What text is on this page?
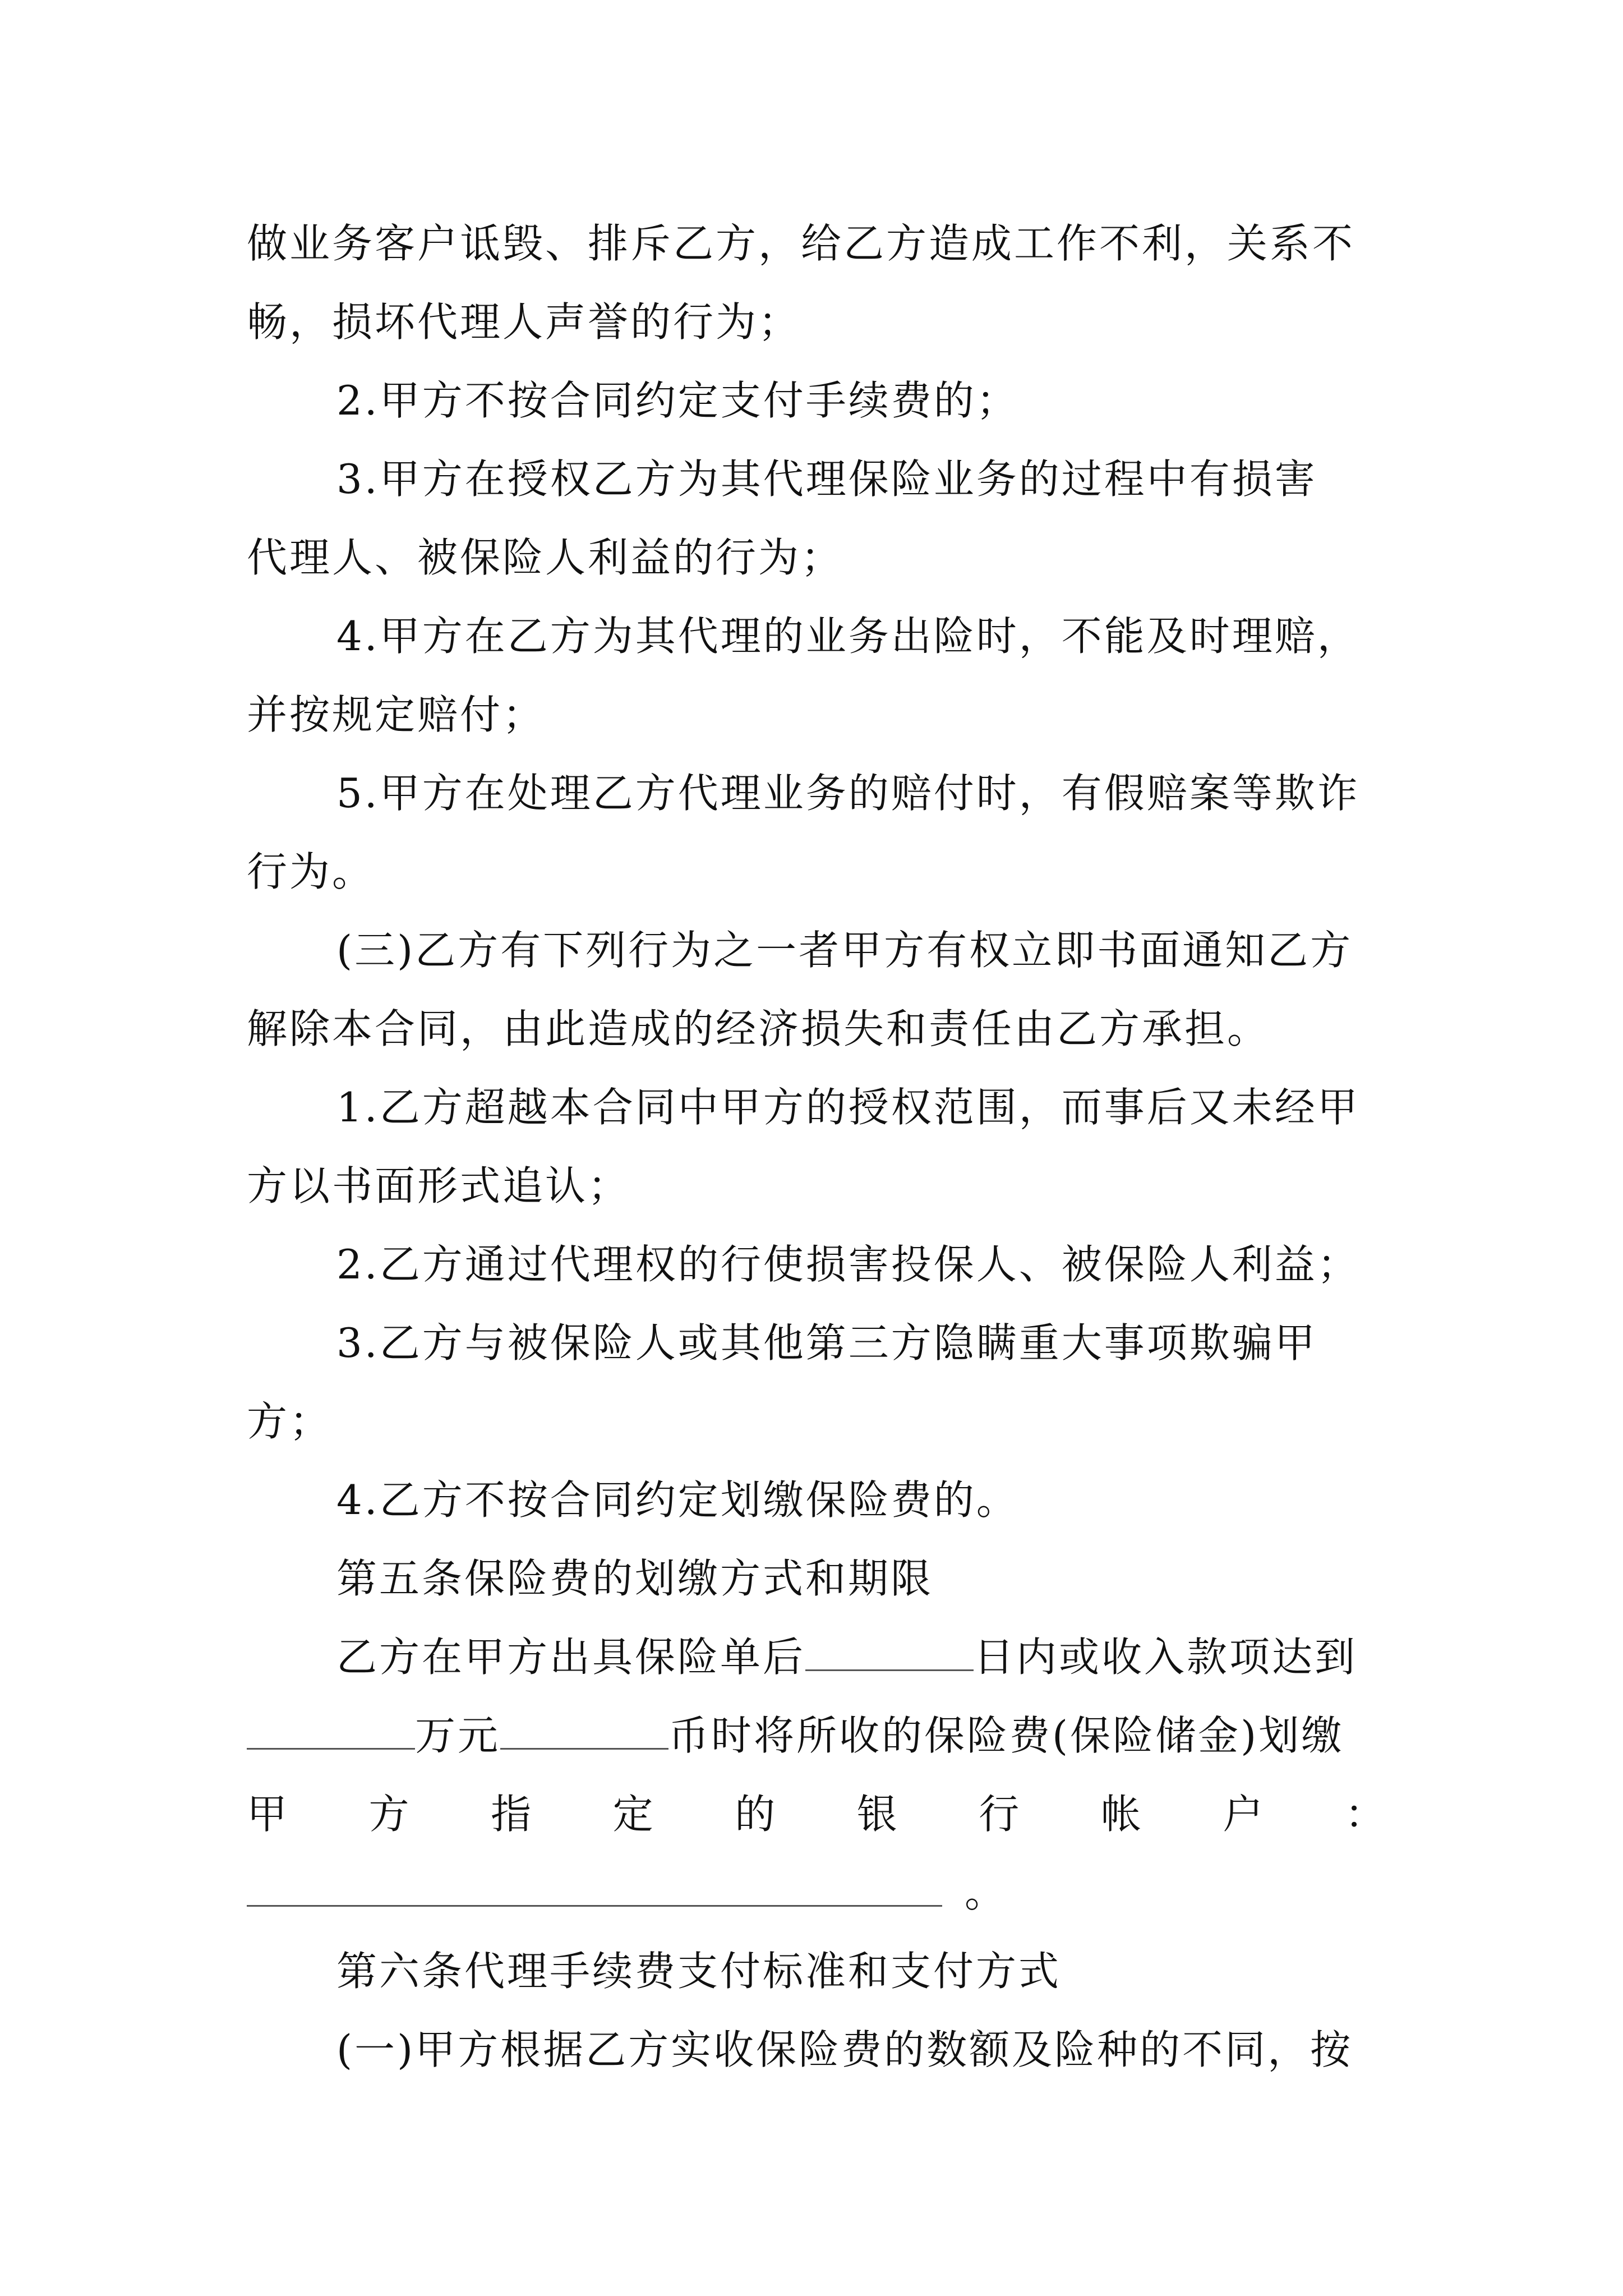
做业务客户诋毁、排斥乙方，给乙方造成工作不利，关系不
畅，损坏代理人声誉的行为；
2.甲方不按合同约定支付手续费的；
3.甲方在授权乙方为其代理保险业务的过程中有损害
代理人、被保险人利益的行为；
4.甲方在乙方为其代理的业务出险时，不能及时理赔，
并按规定赔付；
5.甲方在处理乙方代理业务的赔付时，有假赔案等欺诈
行为。
(三)乙方有下列行为之一者甲方有权立即书面通知乙方
解除本合同，由此造成的经济损失和责任由乙方承担。
1.乙方超越本合同中甲方的授权范围，而事后又未经甲
方以书面形式追认；
2.乙方通过代理权的行使损害投保人、被保险人利益；
3.乙方与被保险人或其他第三方隐瞒重大事项欺骗甲
方；
4.乙方不按合同约定划缴保险费的。
第五条保险费的划缴方式和期限
乙方在甲方出具保险单后	日内或收入款项达到
万元	币时将所收的保险费(保险储金)划缴
甲 方 指 定 的 银 行 帐 户 ：
。
第六条代理手续费支付标准和支付方式
(一)甲方根据乙方实收保险费的数额及险种的不同，按
